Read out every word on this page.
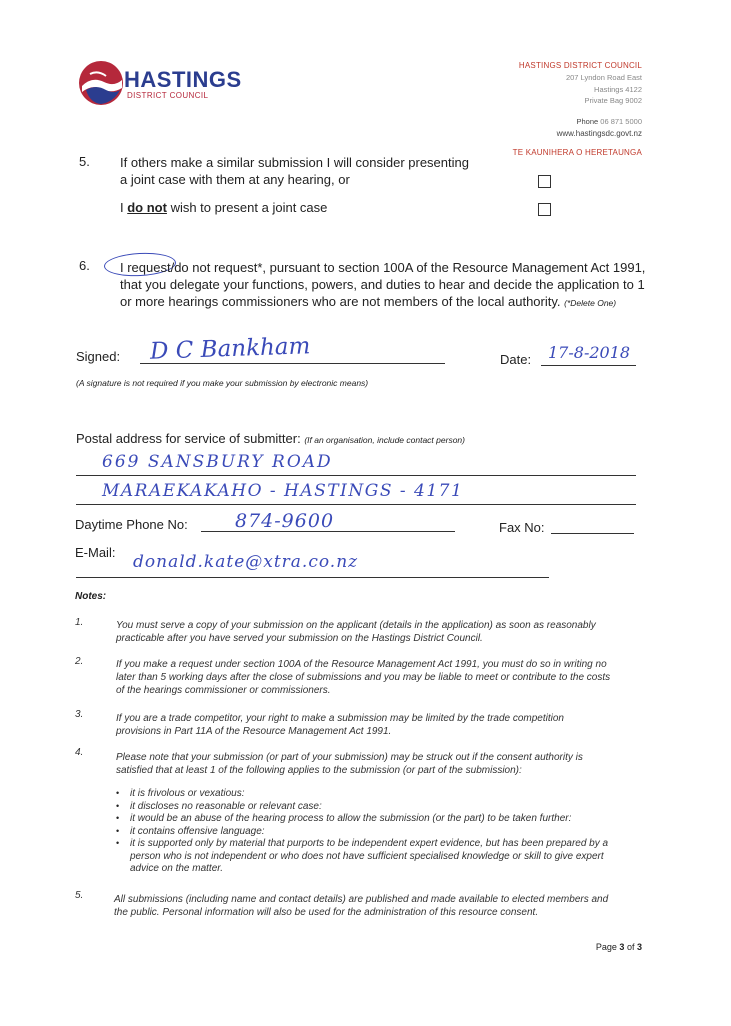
HASTINGS
DISTRICT COUNCIL
HASTINGS DISTRICT COUNCIL
207 Lyndon Road East
Hastings 4122
Private Bag 9002
Phone 06 871 5000
www.hastingsdc.govt.nz
TE KAUNIHERA O HERETAUNGA
5. If others make a similar submission I will consider presenting
a joint case with them at any hearing, or
I do not wish to present a joint case
6. I request/do not request*, pursuant to section 100A of the Resource Management Act 1991,
that you delegate your functions, powers, and duties to hear and decide the application to 1
or more hearings commissioners who are not members of the local authority. (*Delete One)
Signed: D C Bankham	Date: 17-8-2018
(A signature is not required if you make your submission by electronic means)
Postal address for service of submitter: (If an organisation, include contact person)
669 SANSBURY ROAD
MARAEKAKAHO - HASTINGS - 4171
Daytime Phone No: 874-9600	Fax No:
E-Mail: donald.kate@xtra.co.nz
Notes:
1.	You must serve a copy of your submission on the applicant (details in the application) as soon as reasonably
practicable after you have served your submission on the Hastings District Council.
2.	If you make a request under section 100A of the Resource Management Act 1991, you must do so in writing no
later than 5 working days after the close of submissions and you may be liable to meet or contribute to the costs
of the hearings commissioner or commissioners.
3.	If you are a trade competitor, your right to make a submission may be limited by the trade competition
provisions in Part 11A of the Resource Management Act 1991.
4.	Please note that your submission (or part of your submission) may be struck out if the consent authority is
satisfied that at least 1 of the following applies to the submission (or part of the submission):
•	it is frivolous or vexatious:
•	it discloses no reasonable or relevant case:
•	it would be an abuse of the hearing process to allow the submission (or the part) to be taken further:
•	it contains offensive language:
•	it is supported only by material that purports to be independent expert evidence, but has been prepared by a
person who is not independent or who does not have sufficient specialised knowledge or skill to give expert
advice on the matter.
5.	All submissions (including name and contact details) are published and made available to elected members and
the public. Personal information will also be used for the administration of this resource consent.
Page 3 of 3
